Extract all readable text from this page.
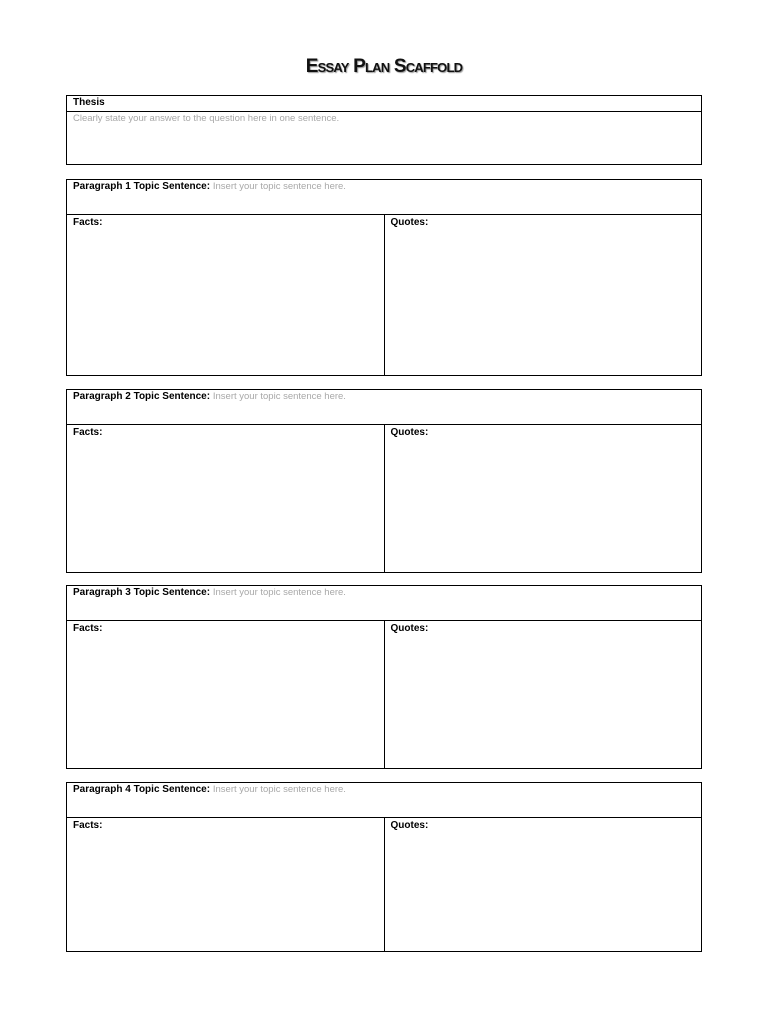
Essay Plan Scaffold
Thesis
Clearly state your answer to the question here in one sentence.
Paragraph 1 Topic Sentence: Insert your topic sentence here.
Facts:	Quotes:
Paragraph 2 Topic Sentence: Insert your topic sentence here.
Facts:	Quotes:
Paragraph 3 Topic Sentence: Insert your topic sentence here.
Facts:	Quotes:
Paragraph 4 Topic Sentence: Insert your topic sentence here.
Facts:	Quotes:
